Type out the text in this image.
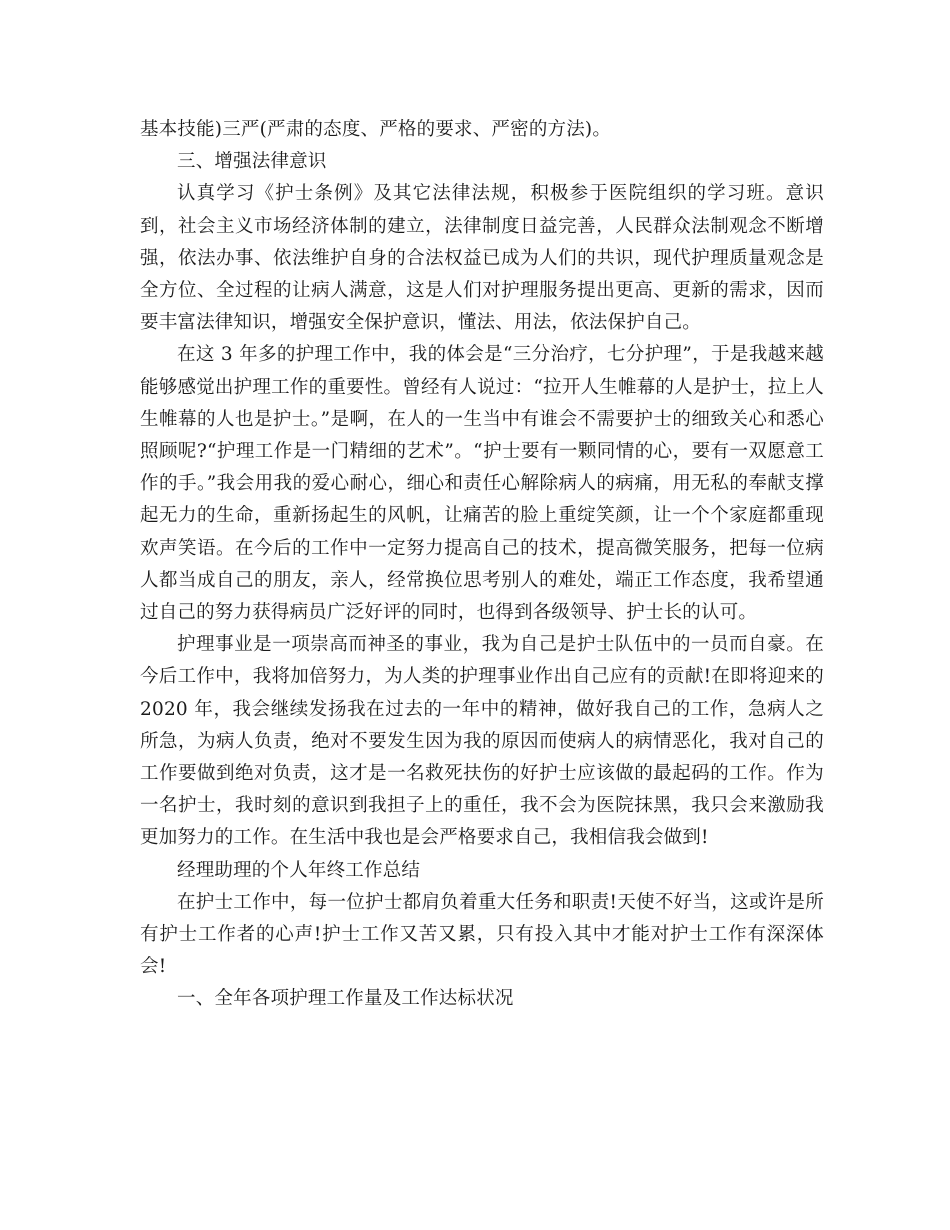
基本技能)三严(严肃的态度、严格的要求、严密的方法)。

三、增强法律意识

认真学习《护士条例》及其它法律法规，积极参于医院组织的学习班。意识到，社会主义市场经济体制的建立，法律制度日益完善，人民群众法制观念不断增强，依法办事、依法维护自身的合法权益已成为人们的共识，现代护理质量观念是全方位、全过程的让病人满意，这是人们对护理服务提出更高、更新的需求，因而要丰富法律知识，增强安全保护意识，懂法、用法，依法保护自己。

在这 3 年多的护理工作中，我的体会是“三分治疗，七分护理”，于是我越来越能够感觉出护理工作的重要性。曾经有人说过：“拉开人生帷幕的人是护士，拉上人生帷幕的人也是护士。”是啊，在人的一生当中有谁会不需要护士的细致关心和悉心照顾呢?“护理工作是一门精细的艺术”。“护士要有一颗同情的心，要有一双愿意工作的手。”我会用我的爱心耐心，细心和责任心解除病人的病痛，用无私的奉献支撑起无力的生命，重新扬起生的风帆，让痛苦的脸上重绽笑颜，让一个个家庭都重现欢声笑语。在今后的工作中一定努力提高自己的技术，提高微笑服务，把每一位病人都当成自己的朋友，亲人，经常换位思考别人的难处，端正工作态度，我希望通过自己的努力获得病员广泛好评的同时，也得到各级领导、护士长的认可。

护理事业是一项崇高而神圣的事业，我为自己是护士队伍中的一员而自豪。在今后工作中，我将加倍努力，为人类的护理事业作出自己应有的贡献!在即将迎来的 2020 年，我会继续发扬我在过去的一年中的精神，做好我自己的工作，急病人之所急，为病人负责，绝对不要发生因为我的原因而使病人的病情恶化，我对自己的工作要做到绝对负责，这才是一名救死扶伤的好护士应该做的最起码的工作。作为一名护士，我时刻的意识到我担子上的重任，我不会为医院抹黑，我只会来激励我更加努力的工作。在生活中我也是会严格要求自己，我相信我会做到!

经理助理的个人年终工作总结

在护士工作中，每一位护士都肩负着重大任务和职责!天使不好当，这或许是所有护士工作者的心声!护士工作又苦又累，只有投入其中才能对护士工作有深深体会!

一、全年各项护理工作量及工作达标状况
